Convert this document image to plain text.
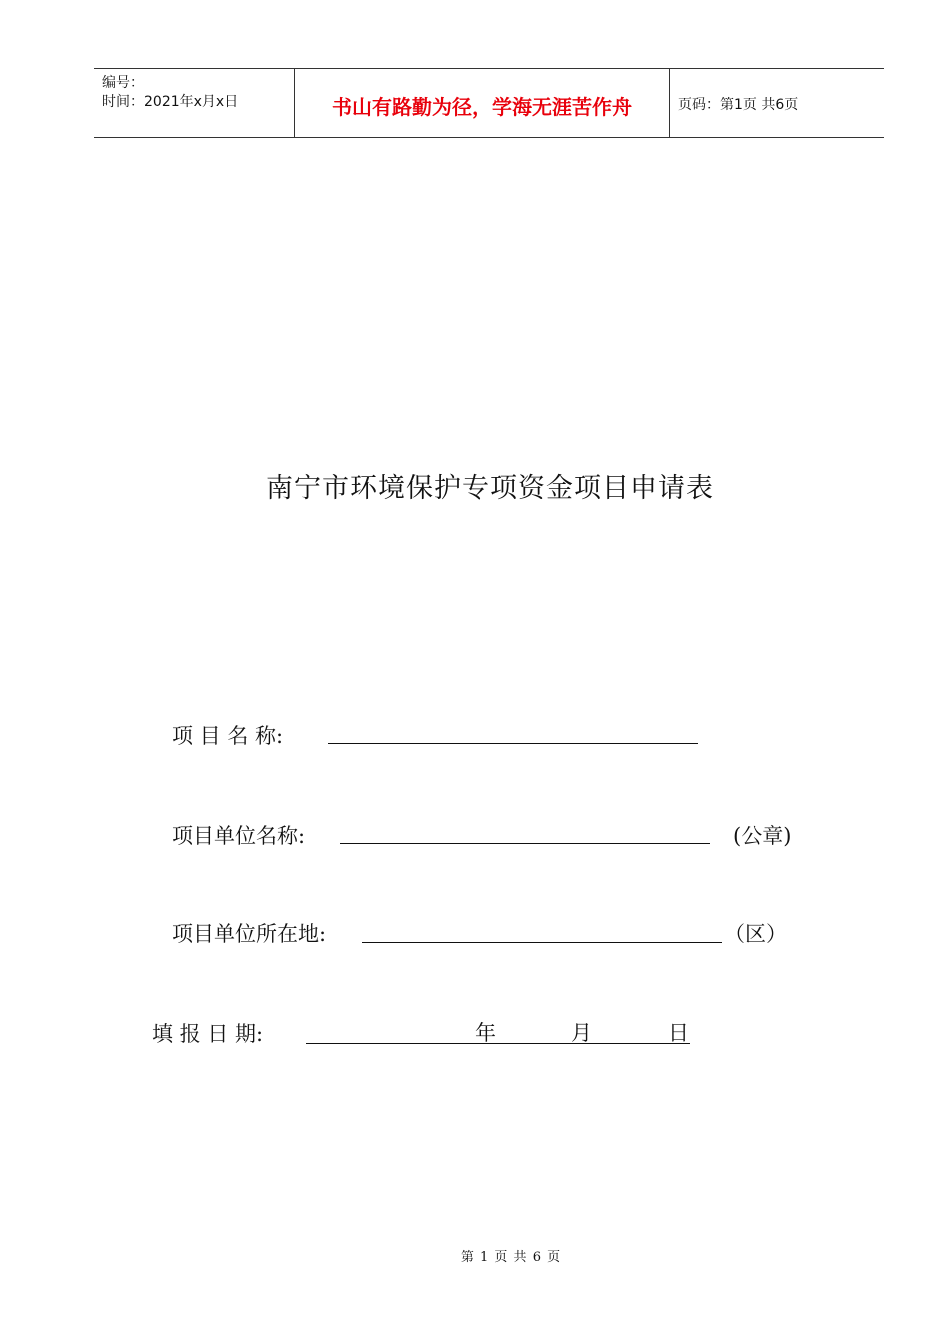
编号：
时间：2021年x月x日	书山有路勤为径，学海无涯苦作舟	页码：第1页 共6页
南宁市环境保护专项资金项目申请表
项 目 名 称:
项目单位名称:	(公章)
项目单位所在地:	（区）
填 报 日 期:	年	月	日
第 1 页 共 6 页
